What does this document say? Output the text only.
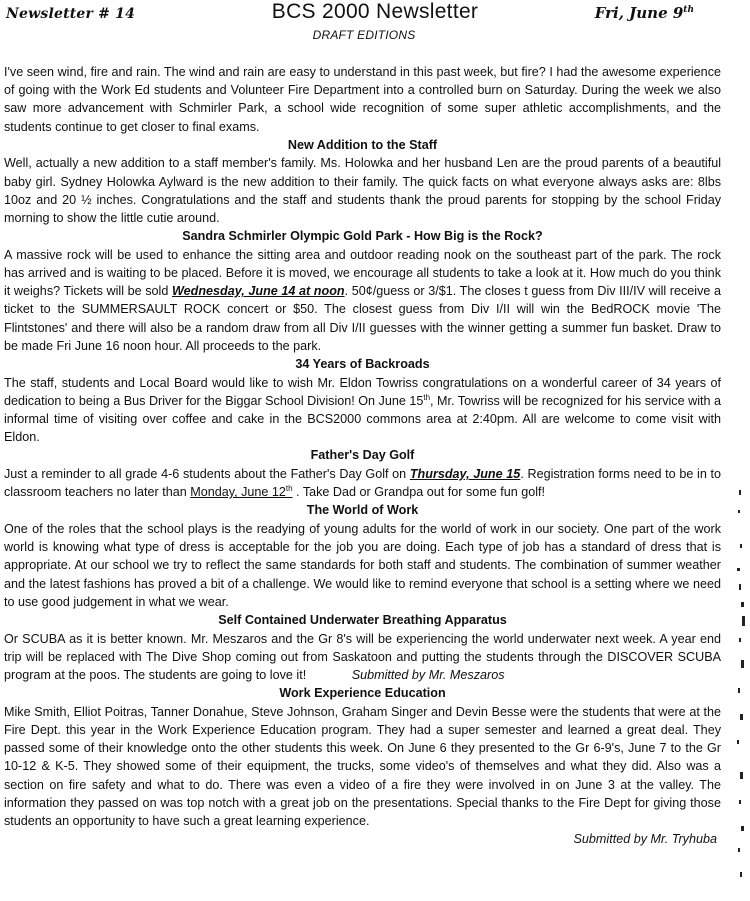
Newsletter # 14	BCS 2000 Newsletter	Fri, June 9th
DRAFT EDITIONS

I've seen wind, fire and rain. The wind and rain are easy to understand in this past week, but fire? I had the awesome experience of going with the Work Ed students and Volunteer Fire Department into a controlled burn on Saturday. During the week we also saw more advancement with Schmirler Park, a school wide recognition of some super athletic accomplishments, and the students continue to get closer to final exams.

New Addition to the Staff

Well, actually a new addition to a staff member's family. Ms. Holowka and her husband Len are the proud parents of a beautiful baby girl. Sydney Holowka Aylward is the new addition to their family. The quick facts on what everyone always asks are: 8lbs 10oz and 20 ½ inches. Congratulations and the staff and students thank the proud parents for stopping by the school Friday morning to show the little cutie around.

Sandra Schmirler Olympic Gold Park - How Big is the Rock?

A massive rock will be used to enhance the sitting area and outdoor reading nook on the southeast part of the park. The rock has arrived and is waiting to be placed. Before it is moved, we encourage all students to take a look at it. How much do you think it weighs? Tickets will be sold Wednesday, June 14 at noon. 50¢/guess or 3/$1. The closes t guess from Div III/IV will receive a ticket to the SUMMERSAULT ROCK concert or $50. The closest guess from Div I/II will win the BedROCK movie 'The Flintstones' and there will also be a random draw from all Div I/II guesses with the winner getting a summer fun basket. Draw to be made Fri June 16 noon hour. All proceeds to the park.

34 Years of Backroads

The staff, students and Local Board would like to wish Mr. Eldon Towriss congratulations on a wonderful career of 34 years of dedication to being a Bus Driver for the Biggar School Division! On June 15th, Mr. Towriss will be recognized for his service with a informal time of visiting over coffee and cake in the BCS2000 commons area at 2:40pm. All are welcome to come visit with Eldon.

Father's Day Golf

Just a reminder to all grade 4-6 students about the Father's Day Golf on Thursday, June 15. Registration forms need to be in to classroom teachers no later than Monday, June 12th . Take Dad or Grandpa out for some fun golf!

The World of Work

One of the roles that the school plays is the readying of young adults for the world of work in our society. One part of the work world is knowing what type of dress is acceptable for the job you are doing. Each type of job has a standard of dress that is appropriate. At our school we try to reflect the same standards for both staff and students. The combination of summer weather and the latest fashions has proved a bit of a challenge. We would like to remind everyone that school is a setting where we need to use good judgement in what we wear.

Self Contained Underwater Breathing Apparatus

Or SCUBA as it is better known. Mr. Meszaros and the Gr 8's will be experiencing the world underwater next week. A year end trip will be replaced with The Dive Shop coming out from Saskatoon and putting the students through the DISCOVER SCUBA program at the poos. The students are going to love it!	Submitted by Mr. Meszaros

Work Experience Education

Mike Smith, Elliot Poitras, Tanner Donahue, Steve Johnson, Graham Singer and Devin Besse were the students that were at the Fire Dept. this year in the Work Experience Education program. They had a super semester and learned a great deal. They passed some of their knowledge onto the other students this week. On June 6 they presented to the Gr 6-9's, June 7 to the Gr 10-12 & K-5. They showed some of their equipment, the trucks, some video's of themselves and what they did. Also was a section on fire safety and what to do. There was even a video of a fire they were involved in on June 3 at the valley. The information they passed on was top notch with a great job on the presentations. Special thanks to the Fire Dept for giving those students an opportunity to have such a great learning experience.

Submitted by Mr. Tryhuba
